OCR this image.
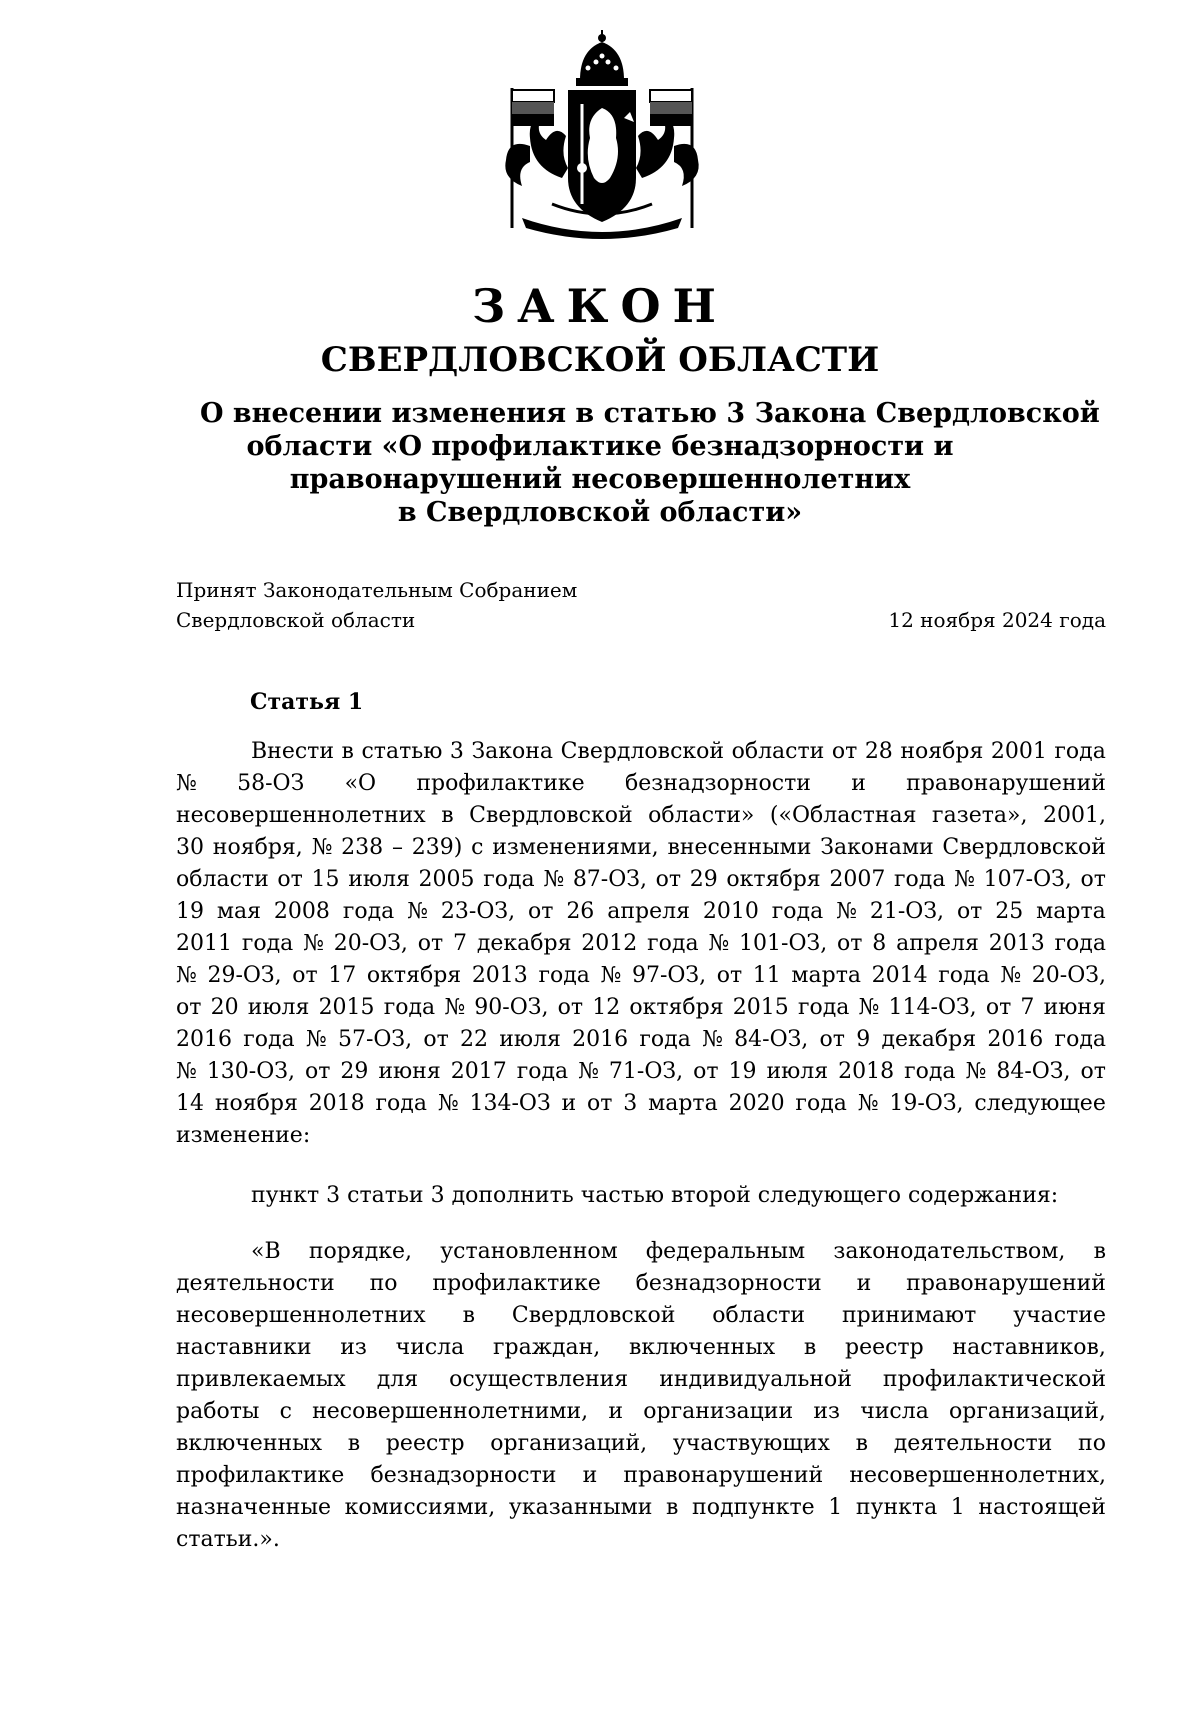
ЗАКОН
СВЕРДЛОВСКОЙ ОБЛАСТИ
О внесении изменения в статью 3 Закона Свердловской
области «О профилактике безнадзорности и
правонарушений несовершеннолетних
в Свердловской области»
Принят Законодательным Собранием
Свердловской области	12 ноября 2024 года
Статья 1
Внести в статью 3 Закона Свердловской области от 28 ноября 2001 года
№ 58-ОЗ «О профилактике безнадзорности и правонарушений
несовершеннолетних в Свердловской области» («Областная газета», 2001,
30 ноября, № 238 – 239) с изменениями, внесенными Законами Свердловской
области от 15 июля 2005 года № 87-ОЗ, от 29 октября 2007 года № 107-ОЗ, от
19 мая 2008 года № 23-ОЗ, от 26 апреля 2010 года № 21-ОЗ, от 25 марта
2011 года № 20-ОЗ, от 7 декабря 2012 года № 101-ОЗ, от 8 апреля 2013 года
№ 29-ОЗ, от 17 октября 2013 года № 97-ОЗ, от 11 марта 2014 года № 20-ОЗ,
от 20 июля 2015 года № 90-ОЗ, от 12 октября 2015 года № 114-ОЗ, от 7 июня
2016 года № 57-ОЗ, от 22 июля 2016 года № 84-ОЗ, от 9 декабря 2016 года
№ 130-ОЗ, от 29 июня 2017 года № 71-ОЗ, от 19 июля 2018 года № 84-ОЗ, от
14 ноября 2018 года № 134-ОЗ и от 3 марта 2020 года № 19-ОЗ, следующее
изменение:
пункт 3 статьи 3 дополнить частью второй следующего содержания:
«В порядке, установленном федеральным законодательством, в
деятельности по профилактике безнадзорности и правонарушений
несовершеннолетних в Свердловской области принимают участие
наставники из числа граждан, включенных в реестр наставников,
привлекаемых для осуществления индивидуальной профилактической
работы с несовершеннолетними, и организации из числа организаций,
включенных в реестр организаций, участвующих в деятельности по
профилактике безнадзорности и правонарушений несовершеннолетних,
назначенные комиссиями, указанными в подпункте 1 пункта 1 настоящей
статьи.».
